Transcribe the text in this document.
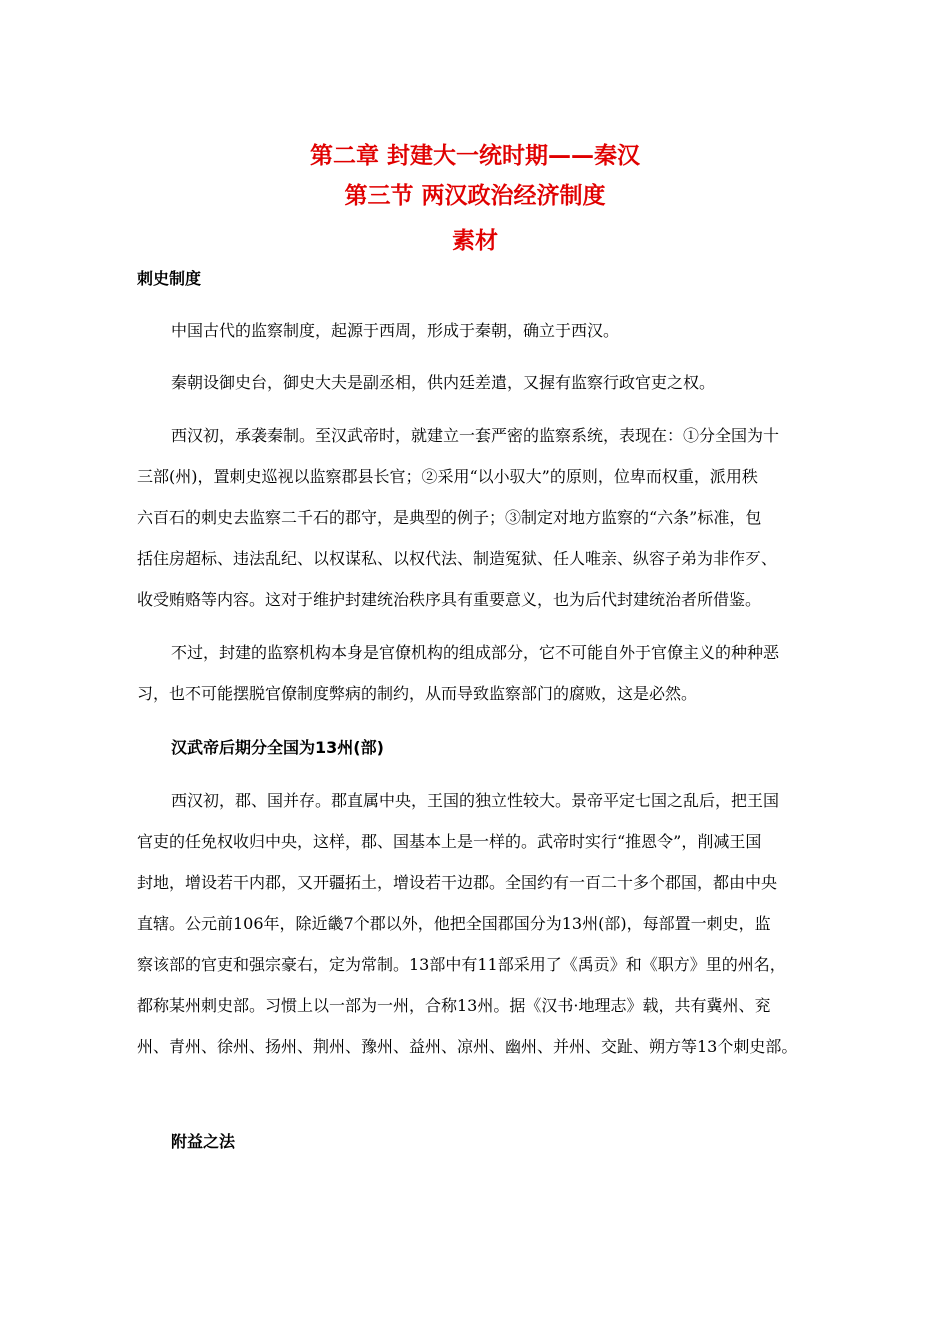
第二章 封建大一统时期——秦汉
第三节 两汉政治经济制度
素材
刺史制度
中国古代的监察制度，起源于西周，形成于秦朝，确立于西汉。
秦朝设御史台，御史大夫是副丞相，供内廷差遣，又握有监察行政官吏之权。
西汉初，承袭秦制。至汉武帝时，就建立一套严密的监察系统，表现在：①分全国为十
三部(州)，置刺史巡视以监察郡县长官；②采用“以小驭大”的原则，位卑而权重，派用秩
六百石的刺史去监察二千石的郡守，是典型的例子；③制定对地方监察的“六条”标准，包
括住房超标、违法乱纪、以权谋私、以权代法、制造冤狱、任人唯亲、纵容子弟为非作歹、
收受贿赂等内容。这对于维护封建统治秩序具有重要意义，也为后代封建统治者所借鉴。
不过，封建的监察机构本身是官僚机构的组成部分，它不可能自外于官僚主义的种种恶
习，也不可能摆脱官僚制度弊病的制约，从而导致监察部门的腐败，这是必然。
汉武帝后期分全国为13州(部)
西汉初，郡、国并存。郡直属中央，王国的独立性较大。景帝平定七国之乱后，把王国
官吏的任免权收归中央，这样，郡、国基本上是一样的。武帝时实行“推恩令”，削减王国
封地，增设若干内郡，又开疆拓土，增设若干边郡。全国约有一百二十多个郡国，都由中央
直辖。公元前106年，除近畿7个郡以外，他把全国郡国分为13州(部)，每部置一刺史，监
察该部的官吏和强宗豪右，定为常制。13部中有11部采用了《禹贡》和《职方》里的州名，
都称某州刺史部。习惯上以一部为一州，合称13州。据《汉书·地理志》载，共有冀州、兖
州、青州、徐州、扬州、荆州、豫州、益州、凉州、幽州、并州、交趾、朔方等13个刺史部。
附益之法
